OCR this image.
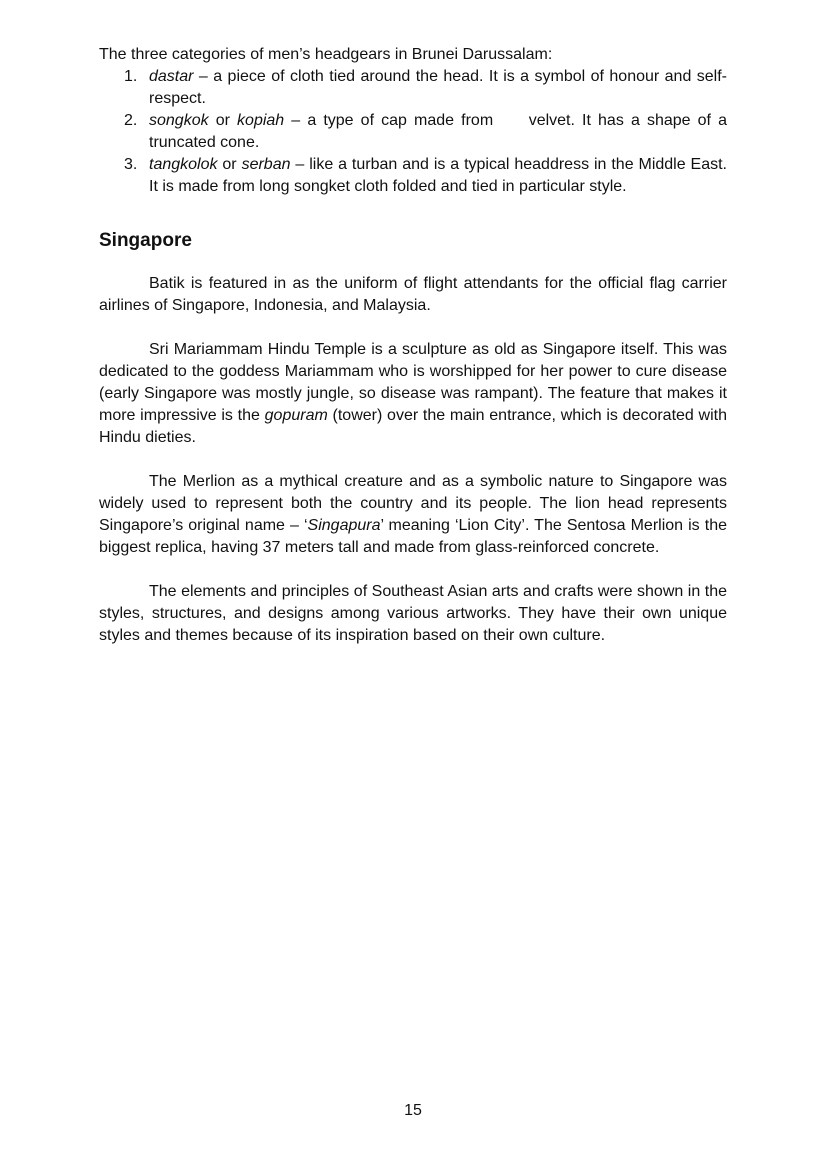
The three categories of men’s headgears in Brunei Darussalam:

1. dastar – a piece of cloth tied around the head. It is a symbol of honour and self-respect.
2. songkok or kopiah – a type of cap made from     velvet. It has a shape of a truncated cone.
3. tangkolok or serban – like a turban and is a typical headdress in the Middle East. It is made from long songket cloth folded and tied in particular style.
Singapore

Batik is featured in as the uniform of flight attendants for the official flag carrier airlines of Singapore, Indonesia, and Malaysia.

Sri Mariammam Hindu Temple is a sculpture as old as Singapore itself. This was dedicated to the goddess Mariammam who is worshipped for her power to cure disease (early Singapore was mostly jungle, so disease was rampant). The feature that makes it more impressive is the gopuram (tower) over the main entrance, which is decorated with Hindu dieties.

The Merlion as a mythical creature and as a symbolic nature to Singapore was widely used to represent both the country and its people. The lion head represents Singapore’s original name – ‘Singapura’ meaning ‘Lion City’. The Sentosa Merlion is the biggest replica, having 37 meters tall and made from glass-reinforced concrete.

The elements and principles of Southeast Asian arts and crafts were shown in the styles, structures, and designs among various artworks. They have their own unique styles and themes because of its inspiration based on their own culture.

15
